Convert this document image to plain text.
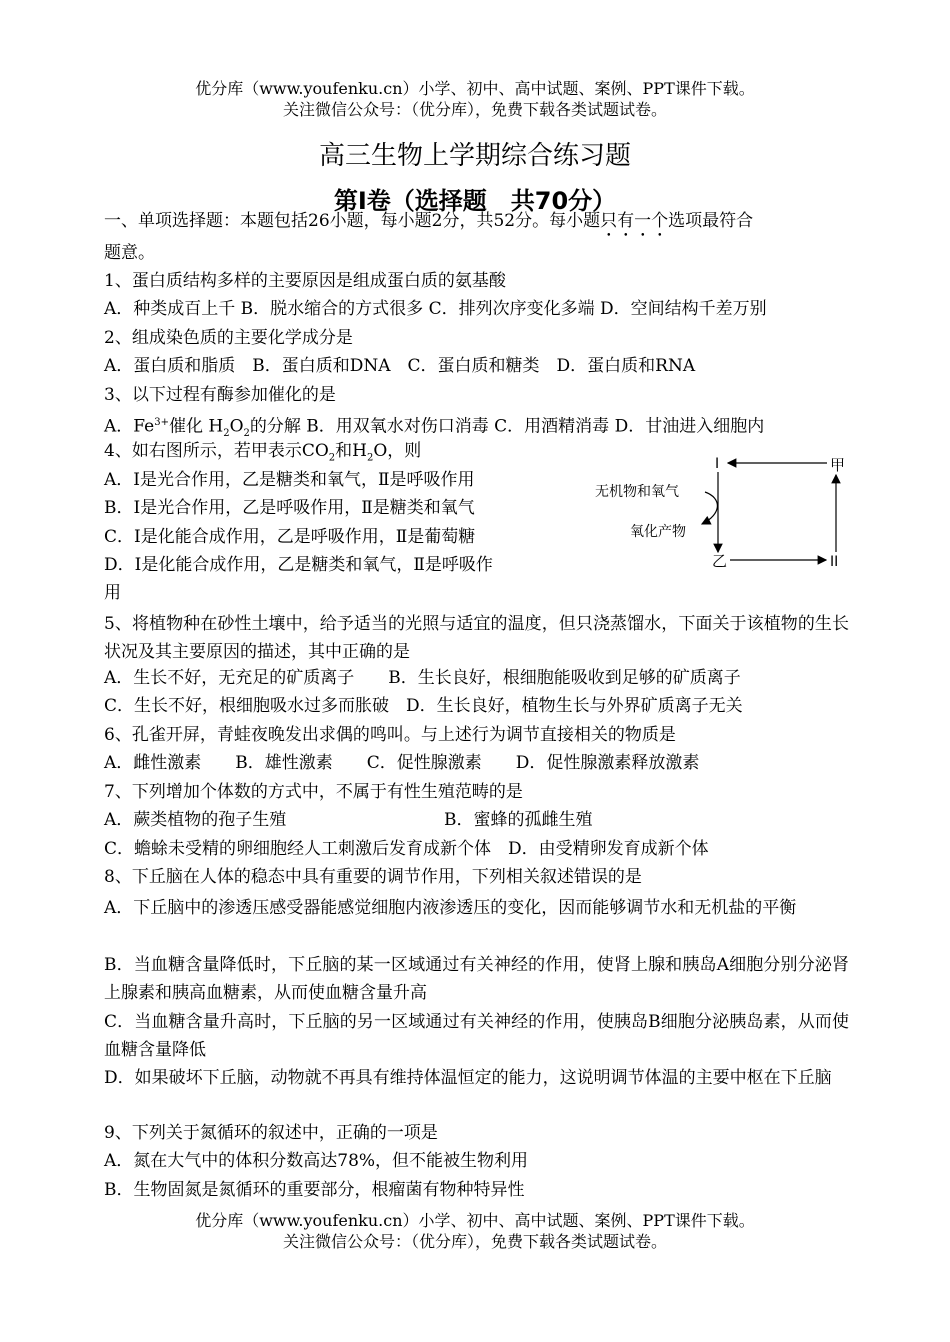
优分库（www.youfenku.cn）小学、初中、高中试题、案例、PPT课件下载。
关注微信公众号：（优分库），免费下载各类试题试卷。
高三生物上学期综合练习题
第Ⅰ卷（选择题　共70分）
一、单项选择题：本题包括26小题，每小题2分，共52分。每小题只有一个选项最符合
题意。
1、蛋白质结构多样的主要原因是组成蛋白质的氨基酸
A．种类成百上千 B．脱水缩合的方式很多 C．排列次序变化多端 D．空间结构千差万别
2、组成染色质的主要化学成分是
A．蛋白质和脂质　B．蛋白质和DNA　C．蛋白质和糖类　D．蛋白质和RNA
3、以下过程有酶参加催化的是
A．$Fe^{3+}$催化 $H_2O_2$的分解 B．用双氧水对伤口消毒 C．用酒精消毒 D．甘油进入细胞内
4、如右图所示，若甲表示$CO_2$和$H_2O$，则
A．Ⅰ是光合作用，乙是糖类和氧气，Ⅱ是呼吸作用
B．Ⅰ是光合作用，乙是呼吸作用，Ⅱ是糖类和氧气
C．Ⅰ是化能合成作用，乙是呼吸作用，Ⅱ是葡萄糖
D．Ⅰ是化能合成作用，乙是糖类和氧气，Ⅱ是呼吸作
用
I	甲
无机物和氧气
氧化产物
乙	II
5、将植物种在砂性土壤中，给予适当的光照与适宜的温度，但只浇蒸馏水，下面关于该植物的生长状况及其主要原因的描述，其中正确的是
A．生长不好，无充足的矿质离子　　B．生长良好，根细胞能吸收到足够的矿质离子
C．生长不好，根细胞吸水过多而胀破　D．生长良好，植物生长与外界矿质离子无关
6、孔雀开屏，青蛙夜晚发出求偶的鸣叫。与上述行为调节直接相关的物质是
A．雌性激素　　B．雄性激素　　C．促性腺激素　　D．促性腺激素释放激素
7、下列增加个体数的方式中，不属于有性生殖范畴的是
A．蕨类植物的孢子生殖	B．蜜蜂的孤雌生殖
C．蟾蜍未受精的卵细胞经人工刺激后发育成新个体　D．由受精卵发育成新个体
8、下丘脑在人体的稳态中具有重要的调节作用，下列相关叙述错误的是
A．下丘脑中的渗透压感受器能感觉细胞内液渗透压的变化，因而能够调节水和无机盐的平衡
B．当血糖含量降低时，下丘脑的某一区域通过有关神经的作用，使肾上腺和胰岛A细胞分别分泌肾上腺素和胰高血糖素，从而使血糖含量升高
C．当血糖含量升高时，下丘脑的另一区域通过有关神经的作用，使胰岛B细胞分泌胰岛素，从而使血糖含量降低
D．如果破坏下丘脑，动物就不再具有维持体温恒定的能力，这说明调节体温的主要中枢在下丘脑
9、下列关于氮循环的叙述中，正确的一项是
A．氮在大气中的体积分数高达78%，但不能被生物利用
B．生物固氮是氮循环的重要部分，根瘤菌有物种特异性
优分库（www.youfenku.cn）小学、初中、高中试题、案例、PPT课件下载。
关注微信公众号：（优分库），免费下载各类试题试卷。
